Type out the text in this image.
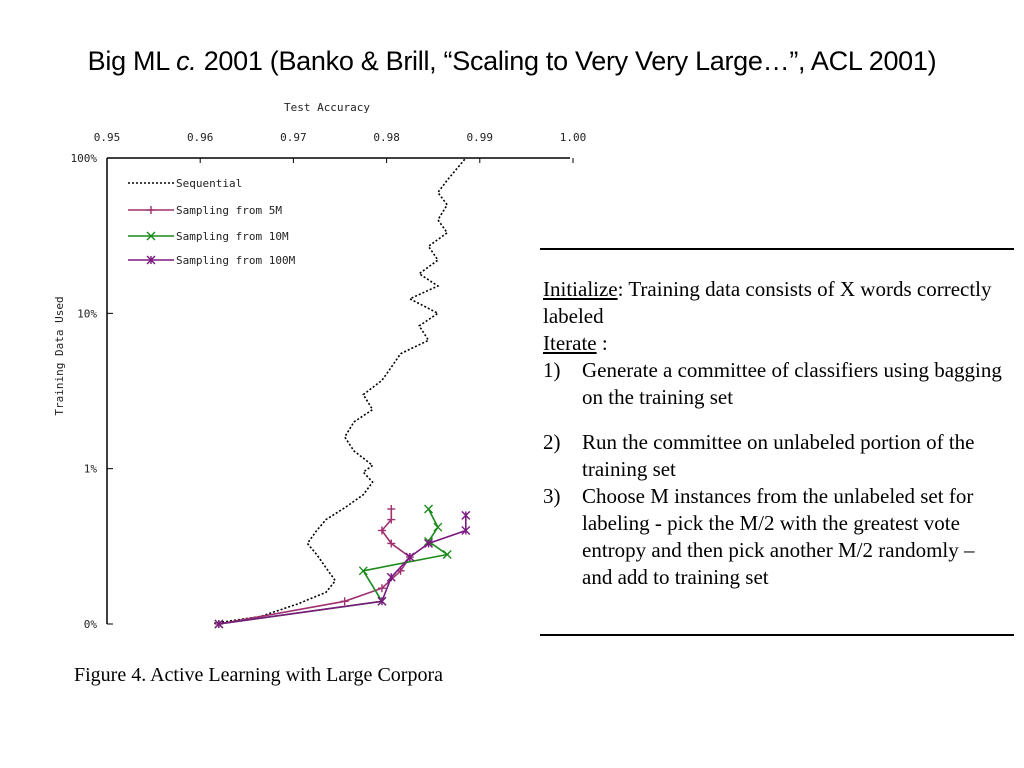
Big ML c. 2001 (Banko & Brill, “Scaling to Very Very Large…”, ACL 2001)
Test Accuracy
0.95	0.96	0.97	0.98	0.99	1.00
100%
10%
1%
0%
Training Data Used
Sequential
Sampling from 5M
Sampling from 10M
Sampling from 100M
Initialize: Training data consists of X words correctly labeled
Iterate :
1)	Generate a committee of classifiers using bagging on the training set
2)	Run the committee on unlabeled portion of the training set
3)	Choose M instances from the unlabeled set for labeling - pick the M/2 with the greatest vote entropy and then pick another M/2 randomly – and add to training set
Figure 4. Active Learning with Large Corpora
